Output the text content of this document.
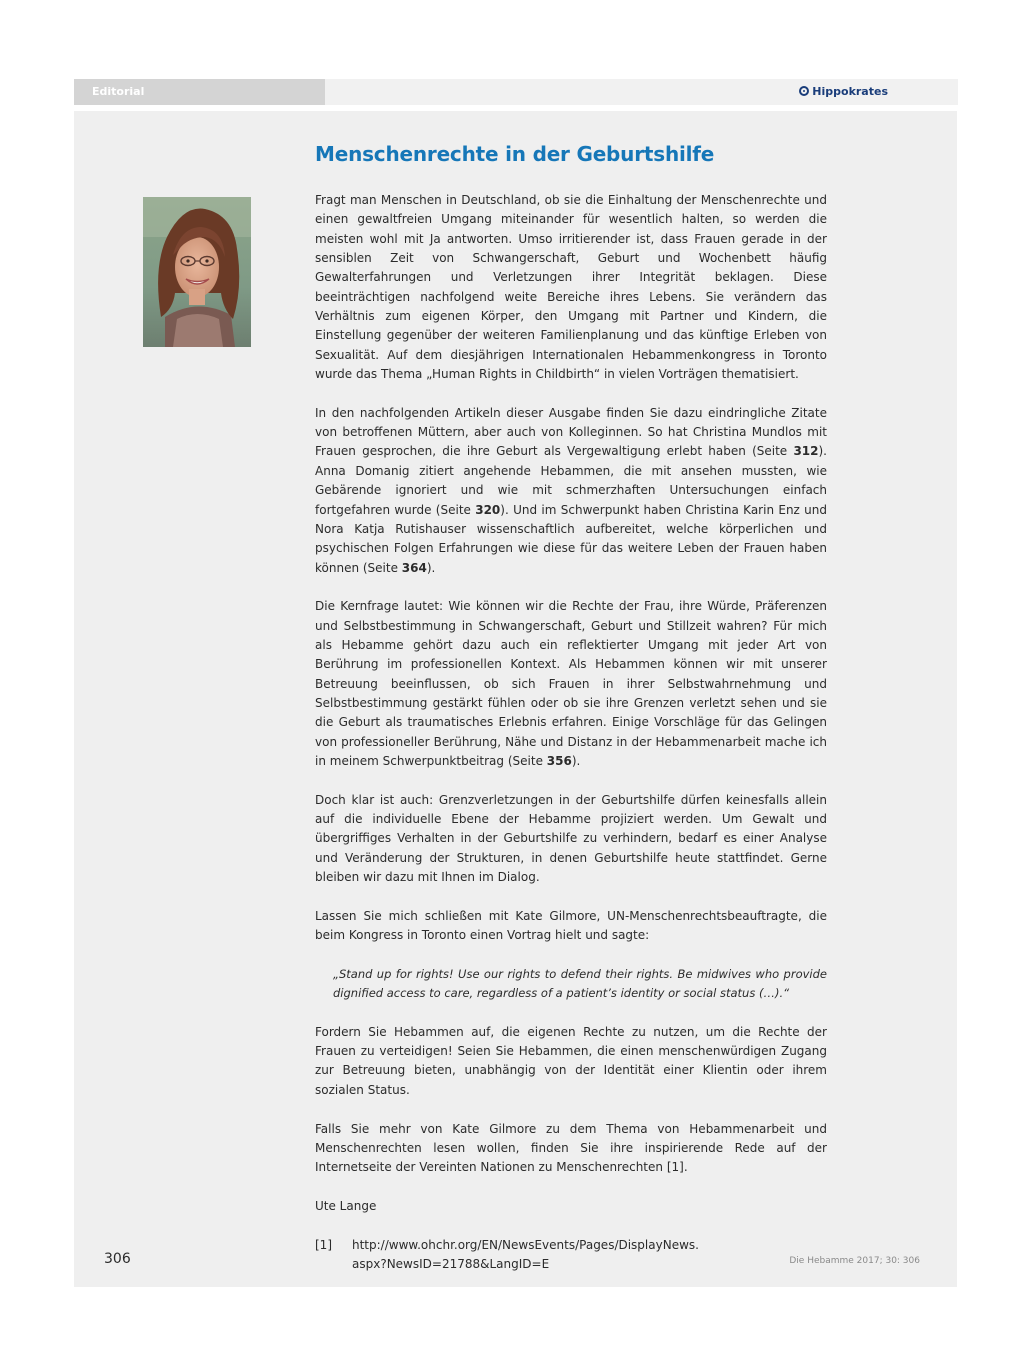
Editorial	Hippokrates
Menschenrechte in der Geburtshilfe

Fragt man Menschen in Deutschland, ob sie die Einhaltung der Menschenrechte und einen gewaltfreien Umgang miteinander für wesentlich halten, so werden die meisten wohl mit Ja antworten. Umso irritierender ist, dass Frauen gerade in der sensiblen Zeit von Schwangerschaft, Geburt und Wochenbett häufig Gewalterfahrungen und Verletzungen ihrer Integrität beklagen. Diese beeinträchtigen nachfolgend weite Bereiche ihres Lebens. Sie verändern das Verhältnis zum eigenen Körper, den Umgang mit Partner und Kindern, die Einstellung gegenüber der weiteren Familienplanung und das künftige Erleben von Sexualität. Auf dem diesjährigen Internationalen Hebammenkongress in Toronto wurde das Thema „Human Rights in Childbirth“ in vielen Vorträgen thematisiert.

In den nachfolgenden Artikeln dieser Ausgabe finden Sie dazu eindringliche Zitate von betroffenen Müttern, aber auch von Kolleginnen. So hat Christina Mundlos mit Frauen gesprochen, die ihre Geburt als Vergewaltigung erlebt haben (Seite 312). Anna Domanig zitiert angehende Hebammen, die mit ansehen mussten, wie Gebärende ignoriert und wie mit schmerzhaften Untersuchungen einfach fortgefahren wurde (Seite 320). Und im Schwerpunkt haben Christina Karin Enz und Nora Katja Rutishauser wissenschaftlich aufbereitet, welche körperlichen und psychischen Folgen Erfahrungen wie diese für das weitere Leben der Frauen haben können (Seite 364).

Die Kernfrage lautet: Wie können wir die Rechte der Frau, ihre Würde, Präferenzen und Selbstbestimmung in Schwangerschaft, Geburt und Stillzeit wahren? Für mich als Hebamme gehört dazu auch ein reflektierter Umgang mit jeder Art von Berührung im professionellen Kontext. Als Hebammen können wir mit unserer Betreuung beeinflussen, ob sich Frauen in ihrer Selbstwahrnehmung und Selbstbestimmung gestärkt fühlen oder ob sie ihre Grenzen verletzt sehen und sie die Geburt als traumatisches Erlebnis erfahren. Einige Vorschläge für das Gelingen von professioneller Berührung, Nähe und Distanz in der Hebammenarbeit mache ich in meinem Schwerpunktbeitrag (Seite 356).

Doch klar ist auch: Grenzverletzungen in der Geburtshilfe dürfen keinesfalls allein auf die individuelle Ebene der Hebamme projiziert werden. Um Gewalt und übergriffiges Verhalten in der Geburtshilfe zu verhindern, bedarf es einer Analyse und Veränderung der Strukturen, in denen Geburtshilfe heute stattfindet. Gerne bleiben wir dazu mit Ihnen im Dialog.

Lassen Sie mich schließen mit Kate Gilmore, UN-Menschenrechtsbeauftragte, die beim Kongress in Toronto einen Vortrag hielt und sagte:

„Stand up for rights! Use our rights to defend their rights. Be midwives who provide dignified access to care, regardless of a patient’s identity or social status (…).“

Fordern Sie Hebammen auf, die eigenen Rechte zu nutzen, um die Rechte der Frauen zu verteidigen! Seien Sie Hebammen, die einen menschenwürdigen Zugang zur Betreuung bieten, unabhängig von der Identität einer Klientin oder ihrem sozialen Status.

Falls Sie mehr von Kate Gilmore zu dem Thema von Hebammenarbeit und Menschenrechten lesen wollen, finden Sie ihre inspirierende Rede auf der Internetseite der Vereinten Nationen zu Menschenrechten [1].

Ute Lange

[1]	http://www.ohchr.org/EN/NewsEvents/Pages/DisplayNews.
aspx?NewsID=21788&LangID=E
306	Die Hebamme 2017; 30: 306
